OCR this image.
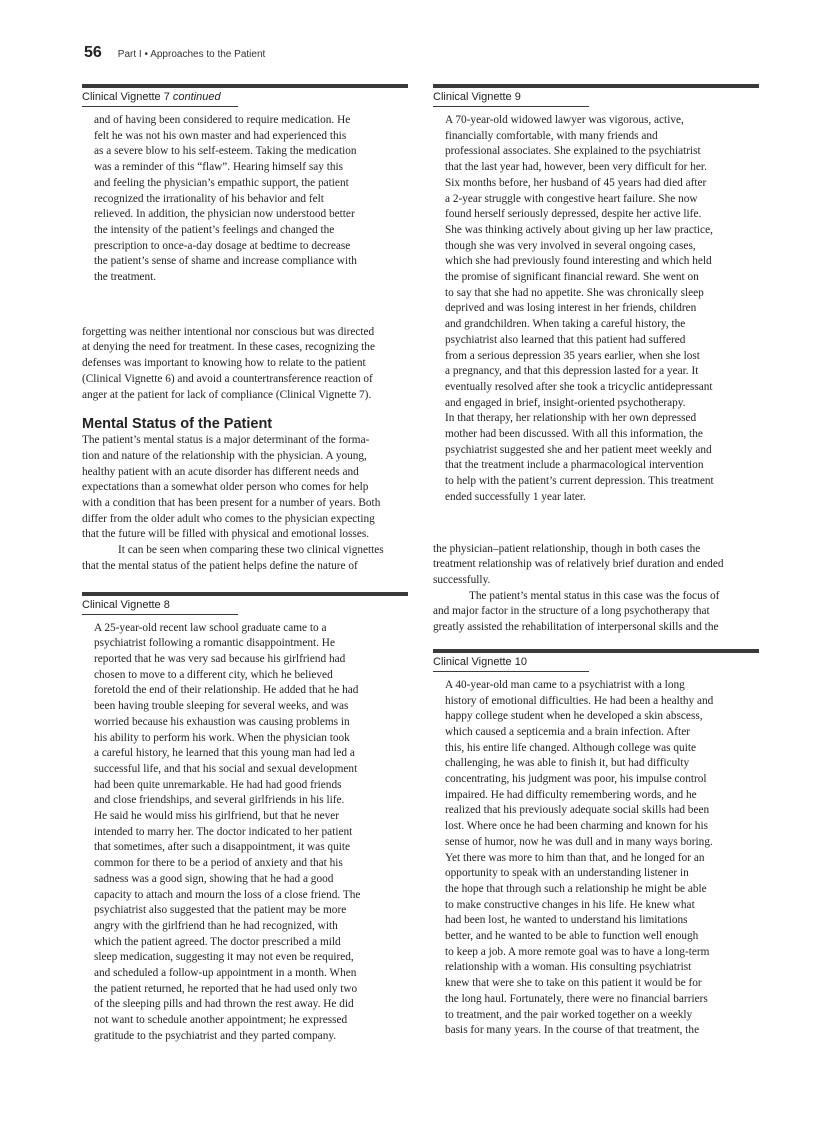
56 Part I • Approaches to the Patient
Clinical Vignette 7 continued

and of having been considered to require medication. He
felt he was not his own master and had experienced this
as a severe blow to his self-esteem. Taking the medication
was a reminder of this “flaw”. Hearing himself say this
and feeling the physician’s empathic support, the patient
recognized the irrationality of his behavior and felt
relieved. In addition, the physician now understood better
the intensity of the patient’s feelings and changed the
prescription to once-a-day dosage at bedtime to decrease
the patient’s sense of shame and increase compliance with
the treatment.

forgetting was neither intentional nor conscious but was directed
at denying the need for treatment. In these cases, recognizing the
defenses was important to knowing how to relate to the patient
(Clinical Vignette 6) and avoid a countertransference reaction of
anger at the patient for lack of compliance (Clinical Vignette 7).

Mental Status of the Patient

The patient’s mental status is a major determinant of the forma-
tion and nature of the relationship with the physician. A young,
healthy patient with an acute disorder has different needs and
expectations than a somewhat older person who comes for help
with a condition that has been present for a number of years. Both
differ from the older adult who comes to the physician expecting
that the future will be filled with physical and emotional losses.

It can be seen when comparing these two clinical vignettes
that the mental status of the patient helps define the nature of

Clinical Vignette 8

A 25-year-old recent law school graduate came to a
psychiatrist following a romantic disappointment. He
reported that he was very sad because his girlfriend had
chosen to move to a different city, which he believed
foretold the end of their relationship. He added that he had
been having trouble sleeping for several weeks, and was
worried because his exhaustion was causing problems in
his ability to perform his work. When the physician took
a careful history, he learned that this young man had led a
successful life, and that his social and sexual development
had been quite unremarkable. He had had good friends
and close friendships, and several girlfriends in his life.
He said he would miss his girlfriend, but that he never
intended to marry her. The doctor indicated to her patient
that sometimes, after such a disappointment, it was quite
common for there to be a period of anxiety and that his
sadness was a good sign, showing that he had a good
capacity to attach and mourn the loss of a close friend. The
psychiatrist also suggested that the patient may be more
angry with the girlfriend than he had recognized, with
which the patient agreed. The doctor prescribed a mild
sleep medication, suggesting it may not even be required,
and scheduled a follow-up appointment in a month. When
the patient returned, he reported that he had used only two
of the sleeping pills and had thrown the rest away. He did
not want to schedule another appointment; he expressed
gratitude to the psychiatrist and they parted company.

Clinical Vignette 9

A 70-year-old widowed lawyer was vigorous, active,
financially comfortable, with many friends and
professional associates. She explained to the psychiatrist
that the last year had, however, been very difficult for her.
Six months before, her husband of 45 years had died after
a 2-year struggle with congestive heart failure. She now
found herself seriously depressed, despite her active life.
She was thinking actively about giving up her law practice,
though she was very involved in several ongoing cases,
which she had previously found interesting and which held
the promise of significant financial reward. She went on
to say that she had no appetite. She was chronically sleep
deprived and was losing interest in her friends, children
and grandchildren. When taking a careful history, the
psychiatrist also learned that this patient had suffered
from a serious depression 35 years earlier, when she lost
a pregnancy, and that this depression lasted for a year. It
eventually resolved after she took a tricyclic antidepressant
and engaged in brief, insight-oriented psychotherapy.
In that therapy, her relationship with her own depressed
mother had been discussed. With all this information, the
psychiatrist suggested she and her patient meet weekly and
that the treatment include a pharmacological intervention
to help with the patient’s current depression. This treatment
ended successfully 1 year later.

the physician–patient relationship, though in both cases the
treatment relationship was of relatively brief duration and ended
successfully.

The patient’s mental status in this case was the focus of
and major factor in the structure of a long psychotherapy that
greatly assisted the rehabilitation of interpersonal skills and the

Clinical Vignette 10

A 40-year-old man came to a psychiatrist with a long
history of emotional difficulties. He had been a healthy and
happy college student when he developed a skin abscess,
which caused a septicemia and a brain infection. After
this, his entire life changed. Although college was quite
challenging, he was able to finish it, but had difficulty
concentrating, his judgment was poor, his impulse control
impaired. He had difficulty remembering words, and he
realized that his previously adequate social skills had been
lost. Where once he had been charming and known for his
sense of humor, now he was dull and in many ways boring.
Yet there was more to him than that, and he longed for an
opportunity to speak with an understanding listener in
the hope that through such a relationship he might be able
to make constructive changes in his life. He knew what
had been lost, he wanted to understand his limitations
better, and he wanted to be able to function well enough
to keep a job. A more remote goal was to have a long-term
relationship with a woman. His consulting psychiatrist
knew that were she to take on this patient it would be for
the long haul. Fortunately, there were no financial barriers
to treatment, and the pair worked together on a weekly
basis for many years. In the course of that treatment, the
